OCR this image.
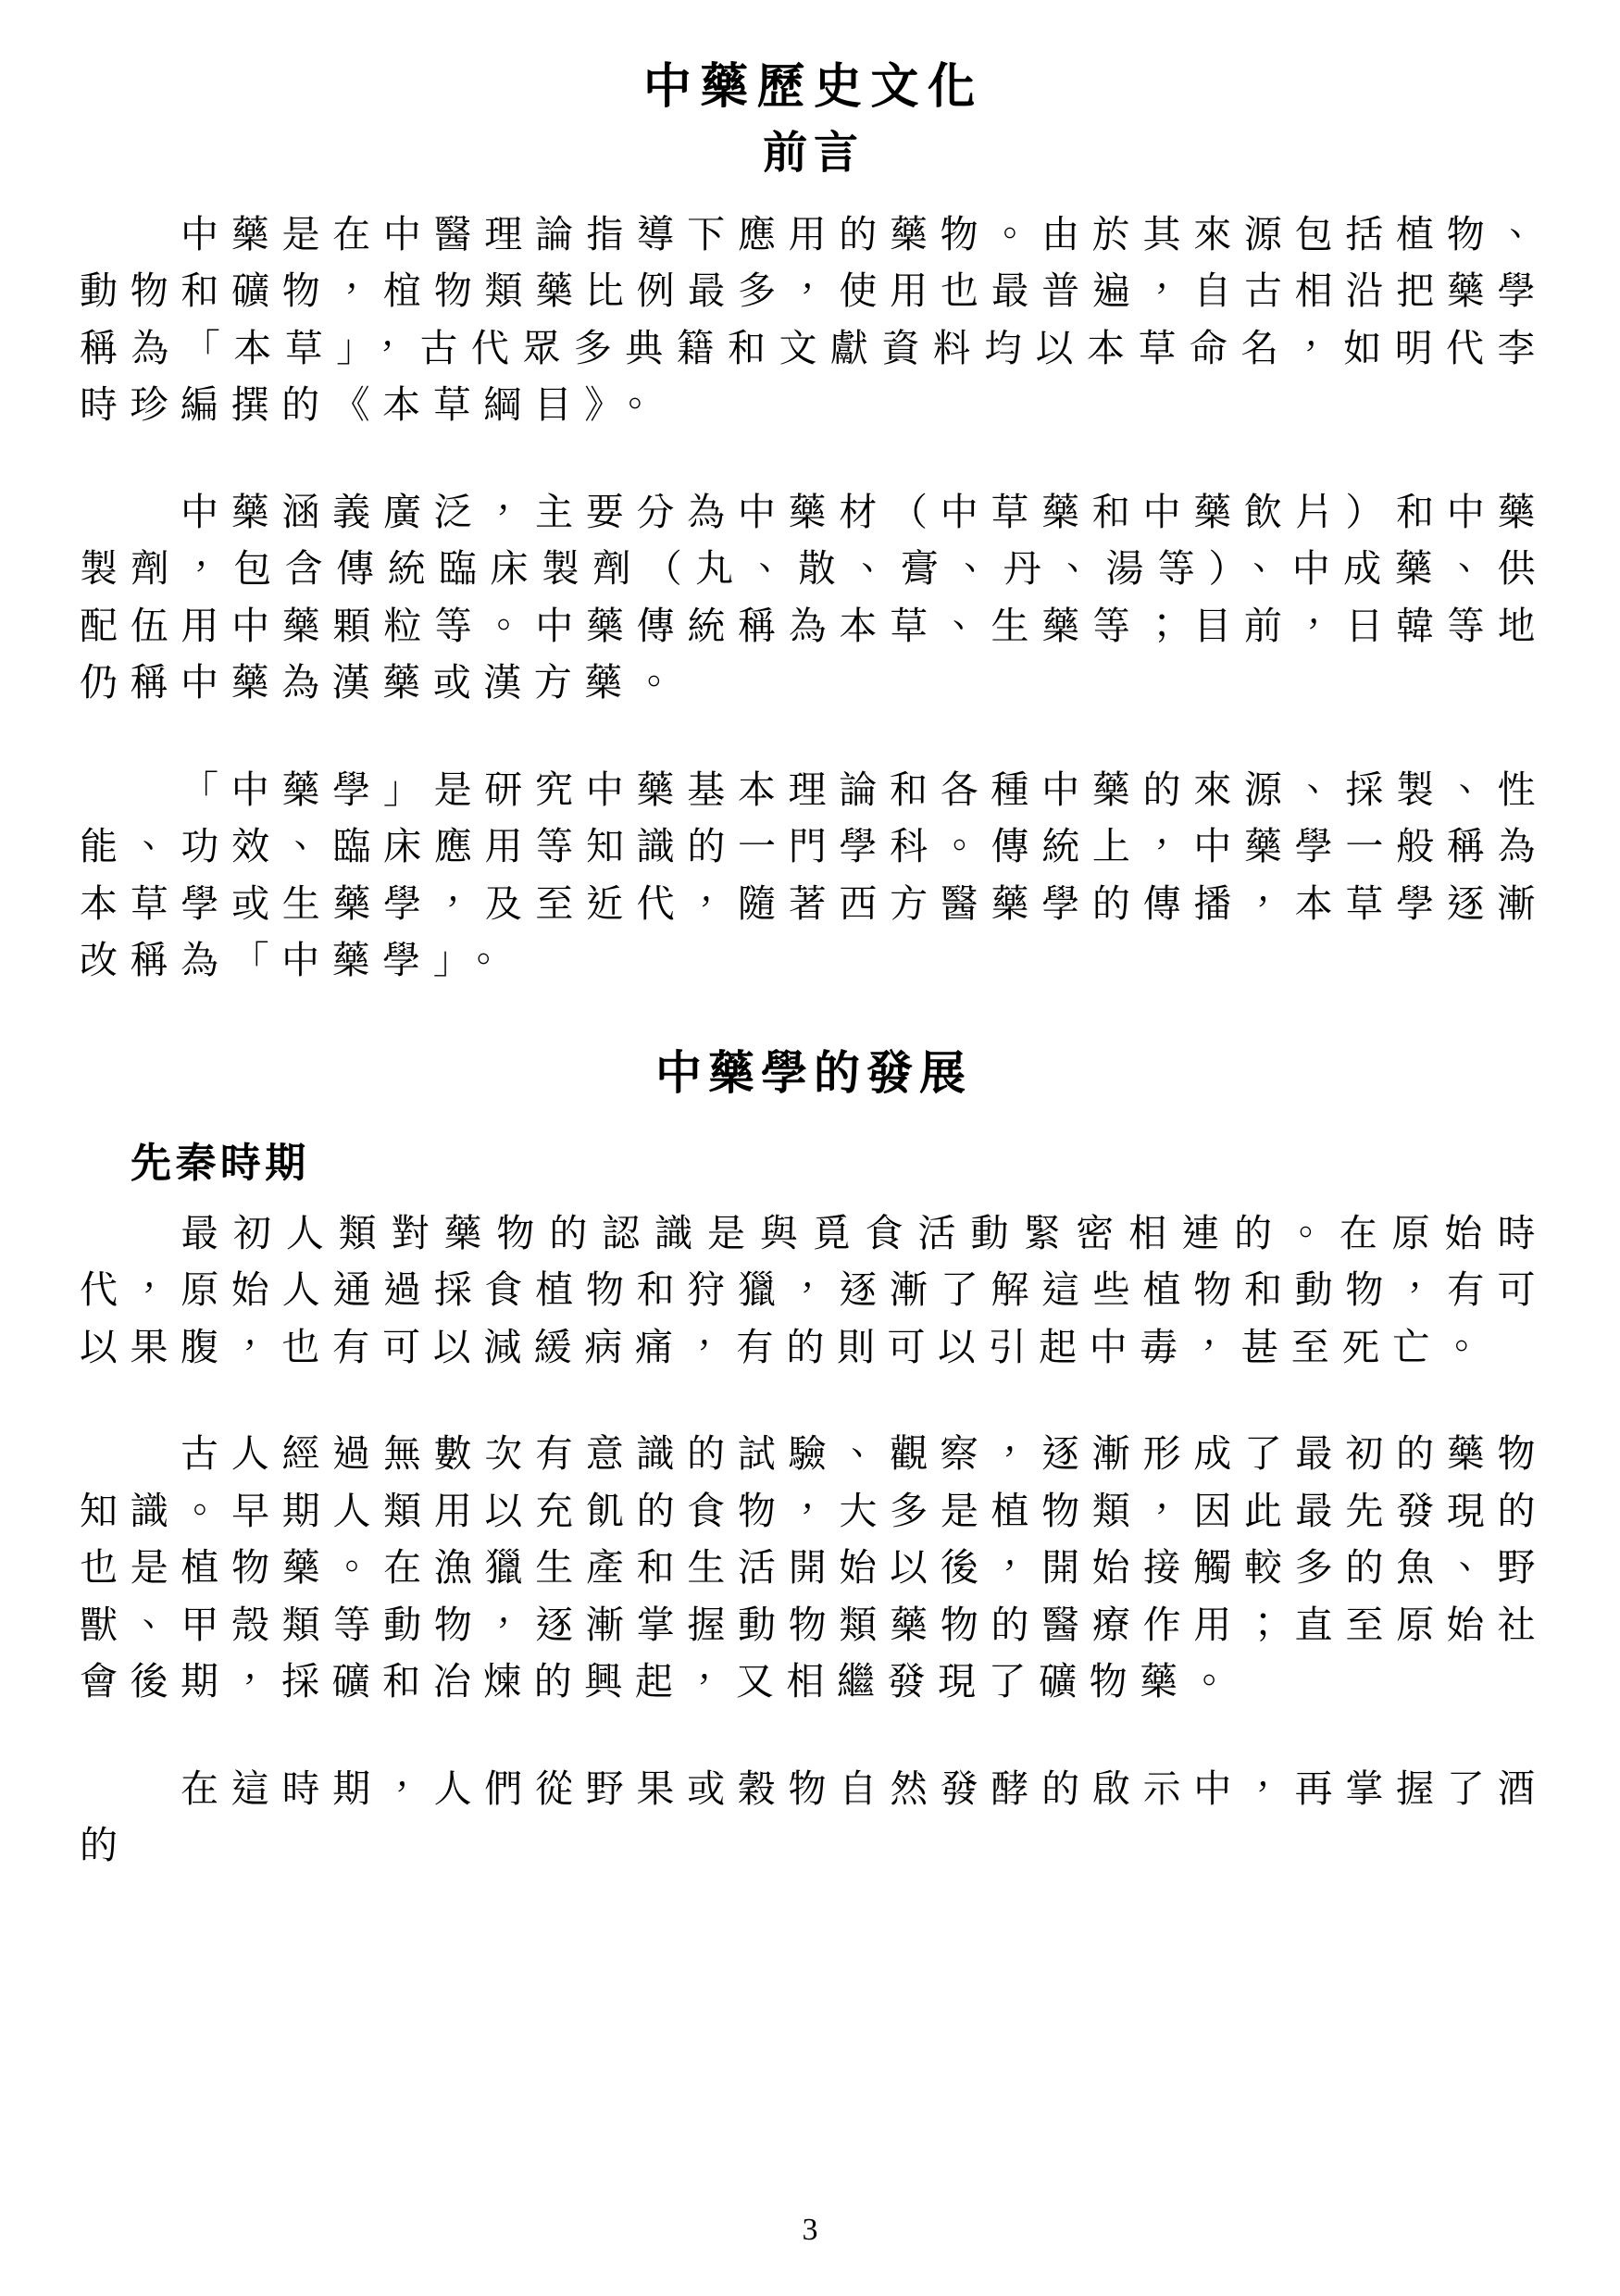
中藥歷史文化
前言

中藥是在中醫理論指導下應用的藥物。由於其來源包括植物、動物和礦物，椬物類藥比例最多，使用也最普遍，自古相沿把藥學稱為「本草」，古代眾多典籍和文獻資料均以本草命名，如明代李時珍編撰的《本草綱目》。

中藥涵義廣泛，主要分為中藥材（中草藥和中藥飲片）和中藥製劑，包含傳統臨床製劑（丸、散、膏、丹、湯等）、中成藥、供配伍用中藥顆粒等。中藥傳統稱為本草、生藥等；目前，日韓等地仍稱中藥為漢藥或漢方藥。

「中藥學」是研究中藥基本理論和各種中藥的來源、採製、性能、功效、臨床應用等知識的一門學科。傳統上，中藥學一般稱為本草學或生藥學，及至近代，隨著西方醫藥學的傳播，本草學逐漸改稱為「中藥學」。

中藥學的發展
先秦時期

最初人類對藥物的認識是與覓食活動緊密相連的。在原始時代，原始人通過採食植物和狩獵，逐漸了解這些植物和動物，有可以果腹，也有可以減緩病痛，有的則可以引起中毒，甚至死亡。

古人經過無數次有意識的試驗、觀察，逐漸形成了最初的藥物知識。早期人類用以充飢的食物，大多是植物類，因此最先發現的也是植物藥。在漁獵生產和生活開始以後，開始接觸較多的魚、野獸、甲殼類等動物，逐漸掌握動物類藥物的醫療作用；直至原始社會後期，採礦和冶煉的興起，又相繼發現了礦物藥。

在這時期，人們從野果或穀物自然發酵的啟示中，再掌握了酒的

3
